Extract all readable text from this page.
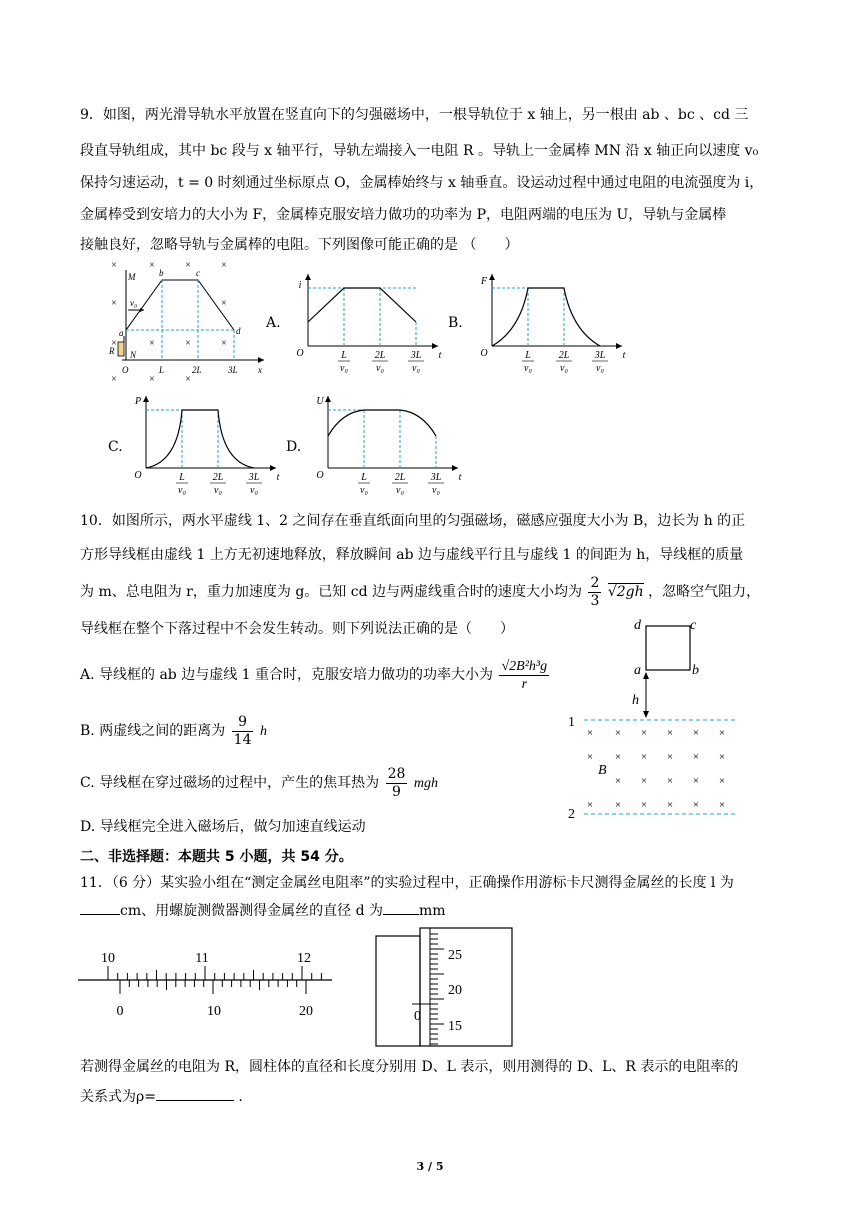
9．如图，两光滑导轨水平放置在竖直向下的匀强磁场中，一根导轨位于 x 轴上，另一根由 ab 、bc 、cd 三
段直导轨组成，其中 bc 段与 x 轴平行，导轨左端接入一电阻 R 。导轨上一金属棒 MN 沿 x 轴正向以速度 v₀
保持匀速运动，t = 0 时刻通过坐标原点 O，金属棒始终与 x 轴垂直。设运动过程中通过电阻的电流强度为 i，
金属棒受到安培力的大小为 F，金属棒克服安培力做功的功率为 P，电阻两端的电压为 U，导轨与金属棒
接触良好，忽略导轨与金属棒的电阻。下列图像可能正确的是 （　　）
×	×	×	×
×	×
×	×	×	×
×	×	×
M
v₀
a
b	c
d
R N
O	L	2L	3L x
A.	B.
C.	D.
i
O	t
L
v₀
2L
v₀
3L
v₀
F
O	t
L
v₀
2L
v₀
3L
v₀
P
O	t
L
v₀
2L
v₀
3L
v₀
U
O	t
L
v₀
2L
v₀
3L
v₀
10．如图所示，两水平虚线 1、2 之间存在垂直纸面向里的匀强磁场，磁感应强度大小为 B，边长为 h 的正
方形导线框由虚线 1 上方无初速地释放，释放瞬间 ab 边与虚线平行且与虚线 1 的间距为 h，导线框的质量
为 m、总电阻为 r，重力加速度为 g。已知 cd 边与两虚线重合时的速度大小均为 $\frac{2}{3} √2gh$ ，忽略空气阻力，
导线框在整个下落过程中不会发生转动。则下列说法正确的是（　　）
A. 导线框的 ab 边与虚线 1 重合时，克服安培力做功的功率大小为 $\frac{\text{√2B²h³g}}{r}$
B. 两虚线之间的距离为 $\frac{9}{14}$ h
C. 导线框在穿过磁场的过程中，产生的焦耳热为 $\frac{28}{9}$ mgh
D. 导线框完全进入磁场后，做匀加速直线运动
d	c
a	b
h
B
1
2
× × × × × ×
× × × × × ×
× × × × ×
× × × × × ×
二、非选择题：本题共 5 小题，共 54 分。
11．（6 分）某实验小组在“测定金属丝电阻率”的实验过程中，正确操作用游标卡尺测得金属丝的长度 l 为
cm、用螺旋测微器测得金属丝的直径 d 为	mm
10	11	12
0	10	20
25
20
15
0
若测得金属丝的电阻为 R，圆柱体的直径和长度分别用 D、L 表示，则用测得的 D、L、R 表示的电阻率的
关系式为ρ=	.
3 / 5
